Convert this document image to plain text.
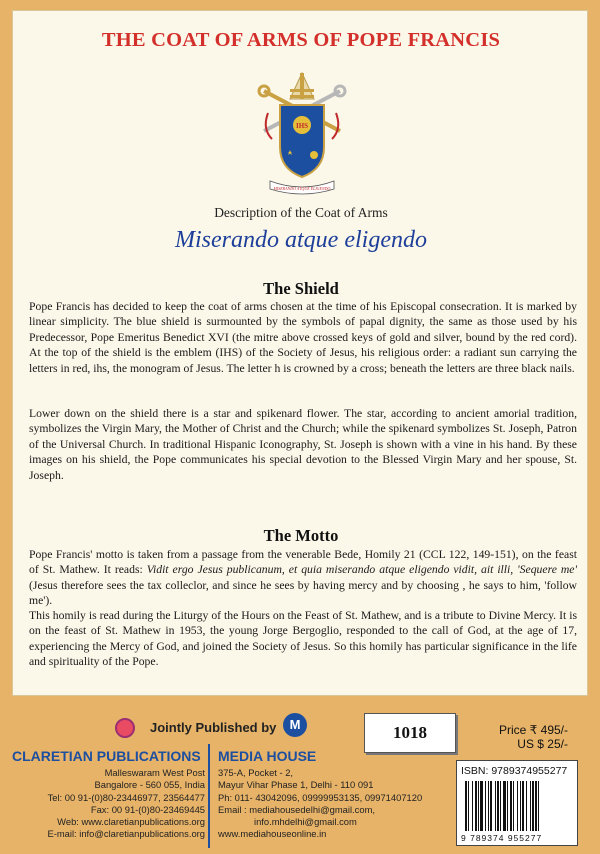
THE COAT OF ARMS OF POPE FRANCIS
IHS
MISERANDO ATQUE ELIGENDO
Description of the Coat of Arms
Miserando atque eligendo
The Shield

Pope Francis has decided to keep the coat of arms chosen at the time of his Episcopal consecration. It is marked by linear simplicity. The blue shield is surmounted by the symbols of papal dignity, the same as those used by his Predecessor, Pope Emeritus Benedict XVI (the mitre above crossed keys of gold and silver, bound by the red cord). At the top of the shield is the emblem (IHS) of the Society of Jesus, his religious order: a radiant sun carrying the letters in red, ihs, the monogram of Jesus. The letter h is crowned by a cross; beneath the letters are three black nails.

Lower down on the shield there is a star and spikenard flower. The star, according to ancient amorial tradition, symbolizes the Virgin Mary, the Mother of Christ and the Church; while the spikenard symbolizes St. Joseph, Patron of the Universal Church. In traditional Hispanic Iconography, St. Joseph is shown with a vine in his hand. By these images on his shield, the Pope communicates his special devotion to the Blessed Virgin Mary and her spouse, St. Joseph.

The Motto

Pope Francis' motto is taken from a passage from the venerable Bede, Homily 21 (CCL 122, 149-151), on the feast of St. Mathew. It reads: Vidit ergo Jesus publicanum, et quia miserando atque eligendo vidit, ait illi, 'Sequere me' (Jesus therefore sees the tax colleclor, and since he sees by having mercy and by choosing , he says to him, 'follow me').

This homily is read during the Liturgy of the Hours on the Feast of St. Mathew, and is a tribute to Divine Mercy. It is on the feast of St. Mathew in 1953, the young Jorge Bergoglio, responded to the call of God, at the age of 17, experiencing the Mercy of God, and joined the Society of Jesus. So this homily has particular significance in the life and spirituality of the Pope.

Jointly Published by	M	1018	Price ₹ 495/-
US $ 25/-
CLARETIAN PUBLICATIONS
Malleswaram West Post
Bangalore - 560 055, India
Tel: 00 91-(0)80-23446977, 23564477
Fax: 00 91-(0)80-23469445
Web: www.claretianpublications.org
E-mail: info@claretianpublications.org
MEDIA HOUSE
375-A, Pocket - 2,
Mayur Vihar Phase 1, Delhi - 110 091
Ph: 011- 43042096, 09999953135, 09971407120
Email : mediahousedelhi@gmail.com,
info.mhdelhi@gmail.com
www.mediahouseonline.in
ISBN: 9789374955277
9 789374 955277
